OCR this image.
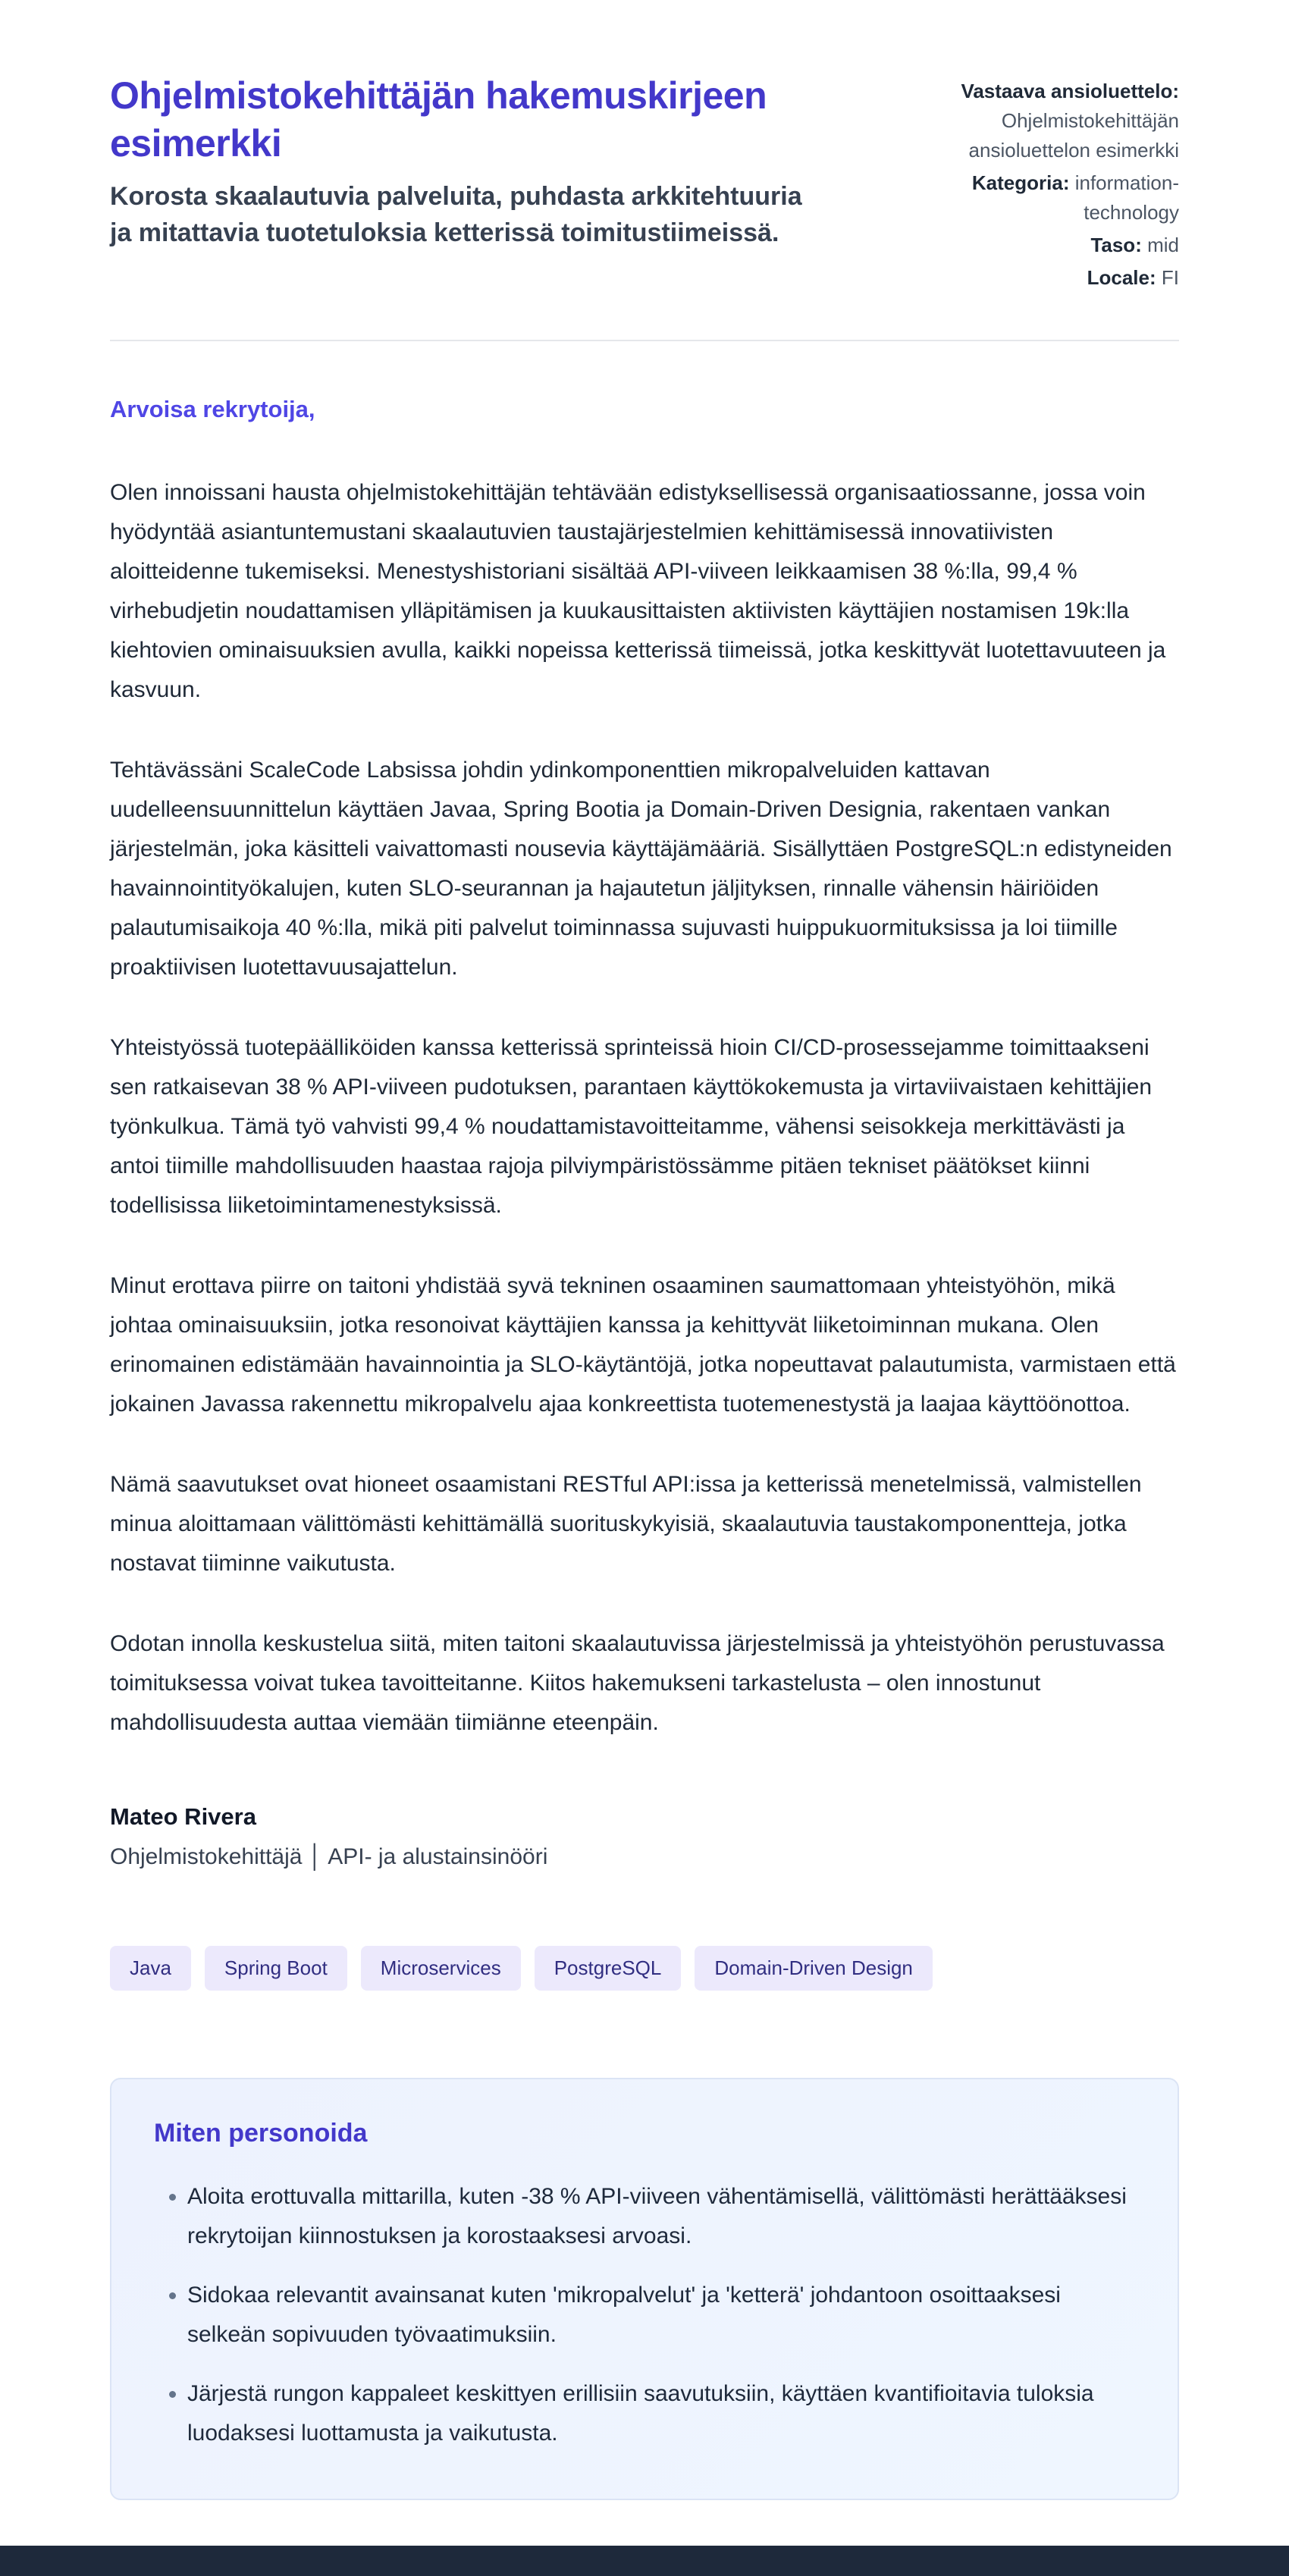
Ohjelmistokehittäjän hakemuskirjeen esimerkki

Korosta skaalautuvia palveluita, puhdasta arkkitehtuuria ja mitattavia tuotetuloksia ketterissä toimitustiimeissä.

Vastaava ansioluettelo: Ohjelmistokehittäjän ansioluettelon esimerkki
Kategoria: information-technology
Taso: mid
Locale: FI

Arvoisa rekrytoija,

Olen innoissani hausta ohjelmistokehittäjän tehtävään edistyksellisessä organisaatiossanne, jossa voin hyödyntää asiantuntemustani skaalautuvien taustajärjestelmien kehittämisessä innovatiivisten aloitteidenne tukemiseksi. Menestyshistoriani sisältää API-viiveen leikkaamisen 38 %:lla, 99,4 % virhebudjetin noudattamisen ylläpitämisen ja kuukausittaisten aktiivisten käyttäjien nostamisen 19k:lla kiehtovien ominaisuuksien avulla, kaikki nopeissa ketterissä tiimeissä, jotka keskittyvät luotettavuuteen ja kasvuun.

Tehtävässäni ScaleCode Labsissa johdin ydinkomponenttien mikropalveluiden kattavan uudelleensuunnittelun käyttäen Javaa, Spring Bootia ja Domain-Driven Designia, rakentaen vankan järjestelmän, joka käsitteli vaivattomasti nousevia käyttäjämääriä. Sisällyttäen PostgreSQL:n edistyneiden havainnointityökalujen, kuten SLO-seurannan ja hajautetun jäljityksen, rinnalle vähensin häiriöiden palautumisaikoja 40 %:lla, mikä piti palvelut toiminnassa sujuvasti huippukuormituksissa ja loi tiimille proaktiivisen luotettavuusajattelun.

Yhteistyössä tuotepäälliköiden kanssa ketterissä sprinteissä hioin CI/CD-prosessejamme toimittaakseni sen ratkaisevan 38 % API-viiveen pudotuksen, parantaen käyttökokemusta ja virtaviivaistaen kehittäjien työnkulkua. Tämä työ vahvisti 99,4 % noudattamistavoitteitamme, vähensi seisokkeja merkittävästi ja antoi tiimille mahdollisuuden haastaa rajoja pilviympäristössämme pitäen tekniset päätökset kiinni todellisissa liiketoimintamenestyksissä.

Minut erottava piirre on taitoni yhdistää syvä tekninen osaaminen saumattomaan yhteistyöhön, mikä johtaa ominaisuuksiin, jotka resonoivat käyttäjien kanssa ja kehittyvät liiketoiminnan mukana. Olen erinomainen edistämään havainnointia ja SLO-käytäntöjä, jotka nopeuttavat palautumista, varmistaen että jokainen Javassa rakennettu mikropalvelu ajaa konkreettista tuotemenestystä ja laajaa käyttöönottoa.

Nämä saavutukset ovat hioneet osaamistani RESTful API:issa ja ketterissä menetelmissä, valmistellen minua aloittamaan välittömästi kehittämällä suorituskykyisiä, skaalautuvia taustakomponentteja, jotka nostavat tiiminne vaikutusta.

Odotan innolla keskustelua siitä, miten taitoni skaalautuvissa järjestelmissä ja yhteistyöhön perustuvassa toimituksessa voivat tukea tavoitteitanne. Kiitos hakemukseni tarkastelusta – olen innostunut mahdollisuudesta auttaa viemään tiimiänne eteenpäin.

Mateo Rivera

Ohjelmistokehittäjä │ API- ja alustainsinööri

Java	Spring Boot	Microservices	PostgreSQL	Domain-Driven Design
Miten personoida
• Aloita erottuvalla mittarilla, kuten -38 % API-viiveen vähentämisellä, välittömästi herättääksesi rekrytoijan kiinnostuksen ja korostaaksesi arvoasi.
• Sidokaa relevantit avainsanat kuten 'mikropalvelut' ja 'ketterä' johdantoon osoittaaksesi selkeän sopivuuden työvaatimuksiin.
• Järjestä rungon kappaleet keskittyen erillisiin saavutuksiin, käyttäen kvantifioitavia tuloksia luodaksesi luottamusta ja vaikutusta.
